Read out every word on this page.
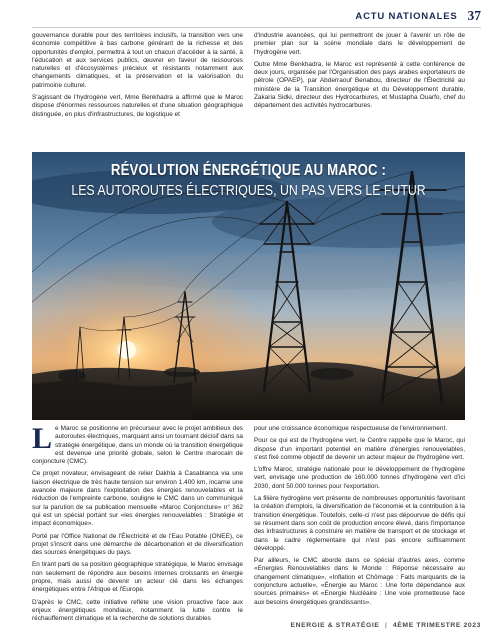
ACTU NATIONALES 37

gouvernance durable pour des territoires inclusifs, la transition vers une économie compétitive à bas carbone générant de la richesse et des opportunités d'emploi, permettra à tout un chacun d'accéder à la santé, à l'éducation et aux services publics, œuvrer en faveur de ressources naturelles et d'écosystèmes précieux et résistants notamment aux changements climatiques, et la préservation et la valorisation du patrimoine culturel.

S'agissant de l'hydrogène vert, Mme Benkhadra a affirmé que le Maroc dispose d'énormes ressources naturelles et d'une situation géographique distinguée, en plus d'infrastructures, de logistique et

d'industrie avancées, qui lui permettront de jouer à l'avenir un rôle de premier plan sur la scène mondiale dans le développement de l'hydrogène vert.

Outre Mme Benkhadra, le Maroc est représenté à cette conférence de deux jours, organisée par l'Organisation des pays arabes exportateurs de pétrole (OPAEP), par Abderraouf Benabou, directeur de l'Électricité au ministère de la Transition énergétique et du Développement durable, Zakaria Sidki, directeur des Hydrocarbures, et Mustapha Ouarfo, chef du département des activités hydrocarbures.

RÉVOLUTION ÉNERGÉTIQUE AU MAROC :
LES AUTOROUTES ÉLECTRIQUES, UN PAS VERS LE FUTUR

Le Maroc se positionne en précurseur avec le projet ambitieux des autoroutes électriques, marquant ainsi un tournant décisif dans sa stratégie énergétique, dans un monde où la transition énergétique est devenue une priorité globale, selon le Centre marocain de conjoncture (CMC).

Ce projet novateur, envisageant de relier Dakhla à Casablanca via une liaison électrique de très haute tension sur environ 1.400 km, incarne une avancée majeure dans l'exploitation des énergies renouvelables et la réduction de l'empreinte carbone, souligne le CMC dans un communiqué sur la parution de sa publication mensuelle «Maroc Conjoncture» n° 362 qui est un spécial portant sur «les énergies renouvelables : Stratégie et impact économique».

Porté par l'Office National de l'Électricité et de l'Eau Potable (ONEE), ce projet s'inscrit dans une démarche de décarbonation et de diversification des sources énergétiques du pays.

En tirant parti de sa position géographique stratégique, le Maroc envisage non seulement de répondre aux besoins internes croissants en énergie propre, mais aussi de devenir un acteur clé dans les échanges énergétiques entre l'Afrique et l'Europe.

D'après le CMC, cette initiative reflète une vision proactive face aux enjeux énergétiques mondiaux, notamment la lutte contre le réchauffement climatique et la recherche de solutions durables

pour une croissance économique respectueuse de l'environnement.

Pour ce qui est de l'hydrogène vert, le Centre rappelle que le Maroc, qui dispose d'un important potentiel en matière d'énergies renouvelables, s'est fixé comme objectif de devenir un acteur majeur de l'hydrogène vert.

L'offre Maroc, stratégie nationale pour le développement de l'hydrogène vert, envisage une production de 160.000 tonnes d'hydrogène vert d'ici 2030, dont 50.000 tonnes pour l'exportation.

La filière hydrogène vert présente de nombreuses opportunités favorisant la création d'emplois, la diversification de l'économie et la contribution à la transition énergétique. Toutefois, celle-ci n'est pas dépourvue de défis qui se résument dans son coût de production encore élevé, dans l'importance des infrastructures à construire en matière de transport et de stockage et dans le cadre réglementaire qui n'est pas encore suffisamment développé.

Par ailleurs, le CMC aborde dans ce spécial d'autres axes, comme «Energies Renouvelables dans le Monde : Réponse nécessaire au changement climatique», «Inflation et Chômage : Faits marquants de la conjoncture actuelle», «Énergie au Maroc : Une forte dépendance aux sources primaires» et «Energie Nucléaire : Une voie prometteuse face aux besoins énergétiques grandissants».

ENERGIE & STRATÉGIE | 4ÈME TRIMESTRE 2023
